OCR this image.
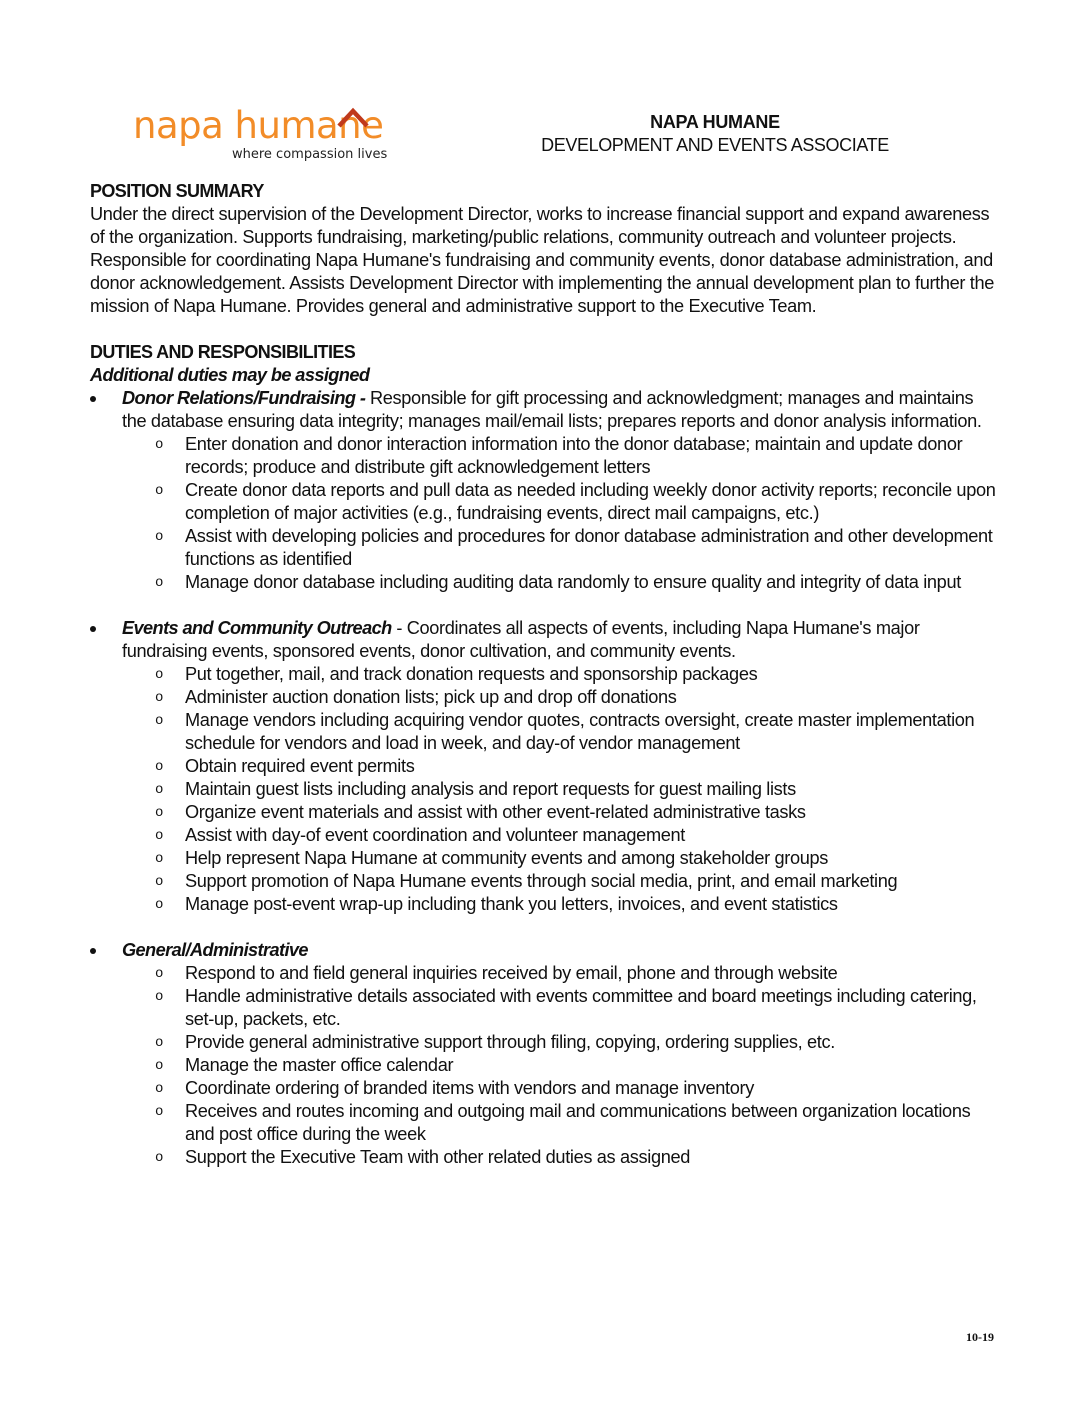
napa humane
where compassion lives
NAPA HUMANE
DEVELOPMENT AND EVENTS ASSOCIATE

POSITION SUMMARY

Under the direct supervision of the Development Director, works to increase financial support and expand awareness of the organization. Supports fundraising, marketing/public relations, community outreach and volunteer projects. Responsible for coordinating Napa Humane's fundraising and community events, donor database administration, and donor acknowledgement. Assists Development Director with implementing the annual development plan to further the mission of Napa Humane. Provides general and administrative support to the Executive Team.

DUTIES AND RESPONSIBILITIES

Additional duties may be assigned
Donor Relations/Fundraising - Responsible for gift processing and acknowledgment; manages and maintains the database ensuring data integrity; manages mail/email lists; prepares reports and donor analysis information.
o Enter donation and donor interaction information into the donor database; maintain and update donor records; produce and distribute gift acknowledgement letters
o Create donor data reports and pull data as needed including weekly donor activity reports; reconcile upon completion of major activities (e.g., fundraising events, direct mail campaigns, etc.)
o Assist with developing policies and procedures for donor database administration and other development functions as identified
o Manage donor database including auditing data randomly to ensure quality and integrity of data input
Events and Community Outreach - Coordinates all aspects of events, including Napa Humane's major fundraising events, sponsored events, donor cultivation, and community events.
o Put together, mail, and track donation requests and sponsorship packages
o Administer auction donation lists; pick up and drop off donations
o Manage vendors including acquiring vendor quotes, contracts oversight, create master implementation schedule for vendors and load in week, and day-of vendor management
o Obtain required event permits
o Maintain guest lists including analysis and report requests for guest mailing lists
o Organize event materials and assist with other event-related administrative tasks
o Assist with day-of event coordination and volunteer management
o Help represent Napa Humane at community events and among stakeholder groups
o Support promotion of Napa Humane events through social media, print, and email marketing
o Manage post-event wrap-up including thank you letters, invoices, and event statistics
General/Administrative
o Respond to and field general inquiries received by email, phone and through website
o Handle administrative details associated with events committee and board meetings including catering, set-up, packets, etc.
o Provide general administrative support through filing, copying, ordering supplies, etc.
o Manage the master office calendar
o Coordinate ordering of branded items with vendors and manage inventory
o Receives and routes incoming and outgoing mail and communications between organization locations and post office during the week
o Support the Executive Team with other related duties as assigned
10-19
